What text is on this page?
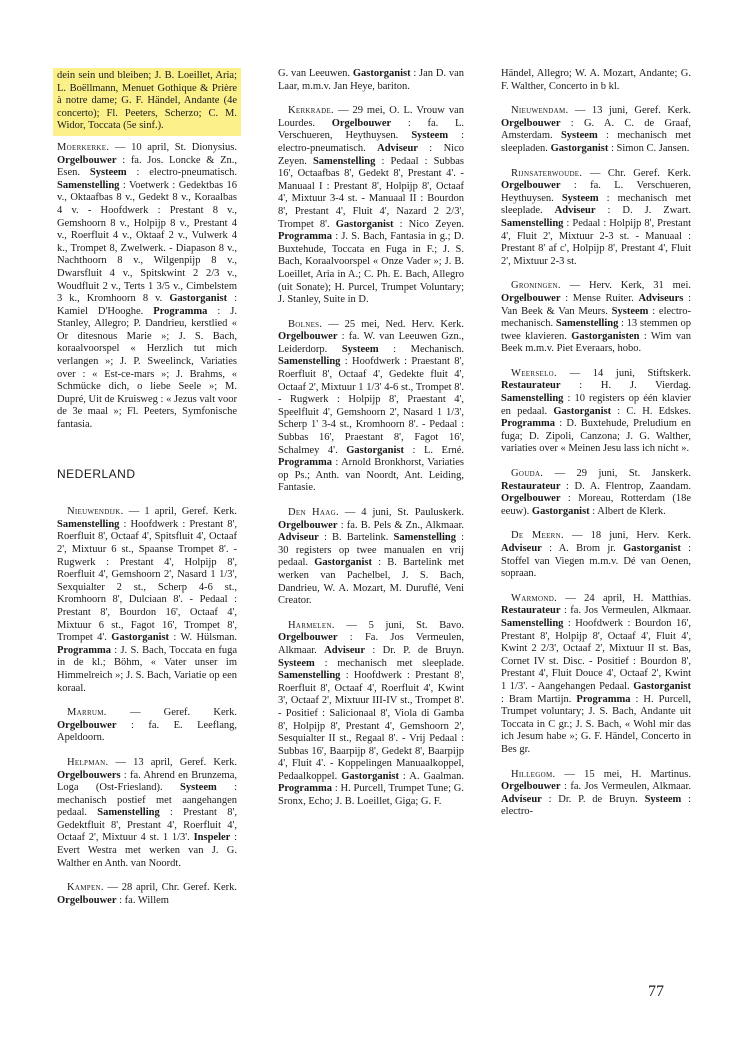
dein sein und bleiben; J. B. Loeillet, Aria; L. Boëllmann, Menuet Gothique & Prière à notre dame; G. F. Händel, Andante (4e concerto); Fl. Peeters, Scherzo; C. M. Widor, Toccata (5e sinf.).

Moerkerke. — 10 april, St. Dionysius. Orgelbouwer : fa. Jos. Loncke & Zn., Esen. Systeem : electro-pneumatisch. Samenstelling : Voetwerk : Gedektbas 16 v., Oktaafbas 8 v., Gedekt 8 v., Koraalbas 4 v. - Hoofdwerk : Prestant 8 v., Gemshoorn 8 v., Holpijp 8 v., Prestant 4 v., Roerfluit 4 v., Oktaaf 2 v., Vulwerk 4 k., Trompet 8, Zwelwerk. - Diapason 8 v., Nachthoorn 8 v., Wilgenpijp 8 v., Dwarsfluit 4 v., Spitskwint 2 2/3 v., Woudfluit 2 v., Terts 1 3/5 v., Cimbelstem 3 k., Kromhoorn 8 v. Gastorganist : Kamiel D'Hooghe. Programma : J. Stanley, Allegro; P. Dandrieu, kerstlied « Or ditesnous Marie »; J. S. Bach, koraalvoorspel « Herzlich tut mich verlangen »; J. P. Sweelinck, Variaties over : « Est-ce-mars »; J. Brahms, « Schmücke dich, o liebe Seele »; M. Dupré, Uit de Kruisweg : « Jezus valt voor de 3e maal »; Fl. Peeters, Symfonische fantasia.

NEDERLAND

Nieuwendijk. — 1 april, Geref. Kerk. Samenstelling : Hoofdwerk : Prestant 8', Roerfluit 8', Octaaf 4', Spitsfluit 4', Octaaf 2', Mixtuur 6 st., Spaanse Trompet 8'. - Rugwerk : Prestant 4', Holpijp 8', Roerfluit 4', Gemshoorn 2', Nasard 1 1/3', Sexquialter 2 st., Scherp 4-6 st., Kromhoorn 8', Dulciaan 8'. - Pedaal : Prestant 8', Bourdon 16', Octaaf 4', Mixtuur 6 st., Fagot 16', Trompet 8', Trompet 4'. Gastorganist : W. Hülsman. Programma : J. S. Bach, Toccata en fuga in de kl.; Böhm, « Vater unser im Himmelreich »; J. S. Bach, Variatie op een koraal.

Marrum. — Geref. Kerk. Orgelbouwer : fa. E. Leeflang, Apeldoorn.

Helpman. — 13 april, Geref. Kerk. Orgelbouwers : fa. Ahrend en Brunzema, Loga (Ost-Friesland). Systeem : mechanisch postief met aangehangen pedaal. Samenstelling : Prestant 8', Gedektfluit 8', Prestant 4', Roerfluit 4', Octaaf 2', Mixtuur 4 st. 1 1/3'. Inspeler : Evert Westra met werken van J. G. Walther en Anth. van Noordt.

Kampen. — 28 april, Chr. Geref. Kerk. Orgelbouwer : fa. Willem

G. van Leeuwen. Gastorganist : Jan D. van Laar, m.m.v. Jan Heye, bariton.

Kerkrade. — 29 mei, O. L. Vrouw van Lourdes. Orgelbouwer : fa. L. Verschueren, Heythuysen. Systeem : electro-pneumatisch. Adviseur : Nico Zeyen. Samenstelling : Pedaal : Subbas 16', Octaafbas 8', Gedekt 8', Prestant 4'. - Manuaal I : Prestant 8', Holpijp 8', Octaaf 4', Mixtuur 3-4 st. - Manuaal II : Bourdon 8', Prestant 4', Fluit 4', Nazard 2 2/3', Trompet 8'. Gastorganist : Nico Zeyen. Programma : J. S. Bach, Fantasia in g.; D. Buxtehude, Toccata en Fuga in F.; J. S. Bach, Koraalvoorspel « Onze Vader »; J. B. Loeillet, Aria in A.; C. Ph. E. Bach, Allegro (uit Sonate); H. Purcel, Trumpet Voluntary; J. Stanley, Suite in D.

Bolnes. — 25 mei, Ned. Herv. Kerk. Orgelbouwer : fa. W. van Leeuwen Gzn., Leiderdorp. Systeem : Mechanisch. Samenstelling : Hoofdwerk : Praestant 8', Roerfluit 8', Octaaf 4', Gedekte fluit 4', Octaaf 2', Mixtuur 1 1/3' 4-6 st., Trompet 8'. - Rugwerk : Holpijp 8', Praestant 4', Speelfluit 4', Gemshoorn 2', Nasard 1 1/3', Scherp 1' 3-4 st., Kromhoorn 8'. - Pedaal : Subbas 16', Praestant 8', Fagot 16', Schalmey 4'. Gastorganist : L. Erné. Programma : Arnold Bronkhorst, Variaties op Ps.; Anth. van Noordt, Ant. Leiding, Fantasie.

Den Haag. — 4 juni, St. Pauluskerk. Orgelbouwer : fa. B. Pels & Zn., Alkmaar. Adviseur : B. Bartelink. Samenstelling : 30 registers op twee manualen en vrij pedaal. Gastorganist : B. Bartelink met werken van Pachelbel, J. S. Bach, Dandrieu, W. A. Mozart, M. Duruflé, Veni Creator.

Harmelen. — 5 juni, St. Bavo. Orgelbouwer : Fa. Jos Vermeulen, Alkmaar. Adviseur : Dr. P. de Bruyn. Systeem : mechanisch met sleeplade. Samenstelling : Hoofdwerk : Prestant 8', Roerfluit 8', Octaaf 4', Roerfluit 4', Kwint 3', Octaaf 2', Mixtuur III-IV st., Trompet 8'. - Positief : Salicionaal 8', Viola di Gamba 8', Holpijp 8', Prestant 4', Gemshoorn 2', Sesquialter II st., Regaal 8'. - Vrij Pedaal : Subbas 16', Baarpijp 8', Gedekt 8', Baarpijp 4', Fluit 4'. - Koppelingen Manuaalkoppel, Pedaalkoppel. Gastorganist : A. Gaalman. Programma : H. Purcell, Trumpet Tune; G. Sronx, Echo; J. B. Loeillet, Giga; G. F.

Händel, Allegro; W. A. Mozart, Andante; G. F. Walther, Concerto in b kl.

Nieuwendam. — 13 juni, Geref. Kerk. Orgelbouwer : G. A. C. de Graaf, Amsterdam. Systeem : mechanisch met sleepladen. Gastorganist : Simon C. Jansen.

Rijnsaterwoude. — Chr. Geref. Kerk. Orgelbouwer : fa. L. Verschueren, Heythuysen. Systeem : mechanisch met sleeplade. Adviseur : D. J. Zwart. Samenstelling : Pedaal : Holpijp 8', Prestant 4', Fluit 2', Mixtuur 2-3 st. - Manuaal : Prestant 8' af c', Holpijp 8', Prestant 4', Fluit 2', Mixtuur 2-3 st.

Groningen. — Herv. Kerk, 31 mei. Orgelbouwer : Mense Ruiter. Adviseurs : Van Beek & Van Meurs. Systeem : electro-mechanisch. Samenstelling : 13 stemmen op twee klavieren. Gastorganisten : Wim van Beek m.m.v. Piet Everaars, hobo.

Weerselo. — 14 juni, Stiftskerk. Restaurateur : H. J. Vierdag. Samenstelling : 10 registers op één klavier en pedaal. Gastorganist : C. H. Edskes. Programma : D. Buxtehude, Preludium en fuga; D. Zipoli, Canzona; J. G. Walther, variaties over « Meinen Jesu lass ich nicht ».

Gouda. — 29 juni, St. Janskerk. Restaurateur : D. A. Flentrop, Zaandam. Orgelbouwer : Moreau, Rotterdam (18e eeuw). Gastorganist : Albert de Klerk.

De Meern. — 18 juni, Herv. Kerk. Adviseur : A. Brom jr. Gastorganist : Stoffel van Viegen m.m.v. Dé van Oenen, sopraan.

Warmond. — 24 april, H. Matthias. Restaurateur : fa. Jos Vermeulen, Alkmaar. Samenstelling : Hoofdwerk : Bourdon 16', Prestant 8', Holpijp 8', Octaaf 4', Fluit 4', Kwint 2 2/3', Octaaf 2', Mixtuur II st. Bas, Cornet IV st. Disc. - Positief : Bourdon 8', Prestant 4', Fluit Douce 4', Octaaf 2', Kwint 1 1/3'. - Aangehangen Pedaal. Gastorganist : Bram Martijn. Programma : H. Purcell, Trumpet voluntary; J. S. Bach, Andante uit Toccata in C gr.; J. S. Bach, « Wohl mir das ich Jesum habe »; G. F. Händel, Concerto in Bes gr.

Hillegom. — 15 mei, H. Martinus. Orgelbouwer : fa. Jos Vermeulen, Alkmaar. Adviseur : Dr. P. de Bruyn. Systeem : electro-

77
